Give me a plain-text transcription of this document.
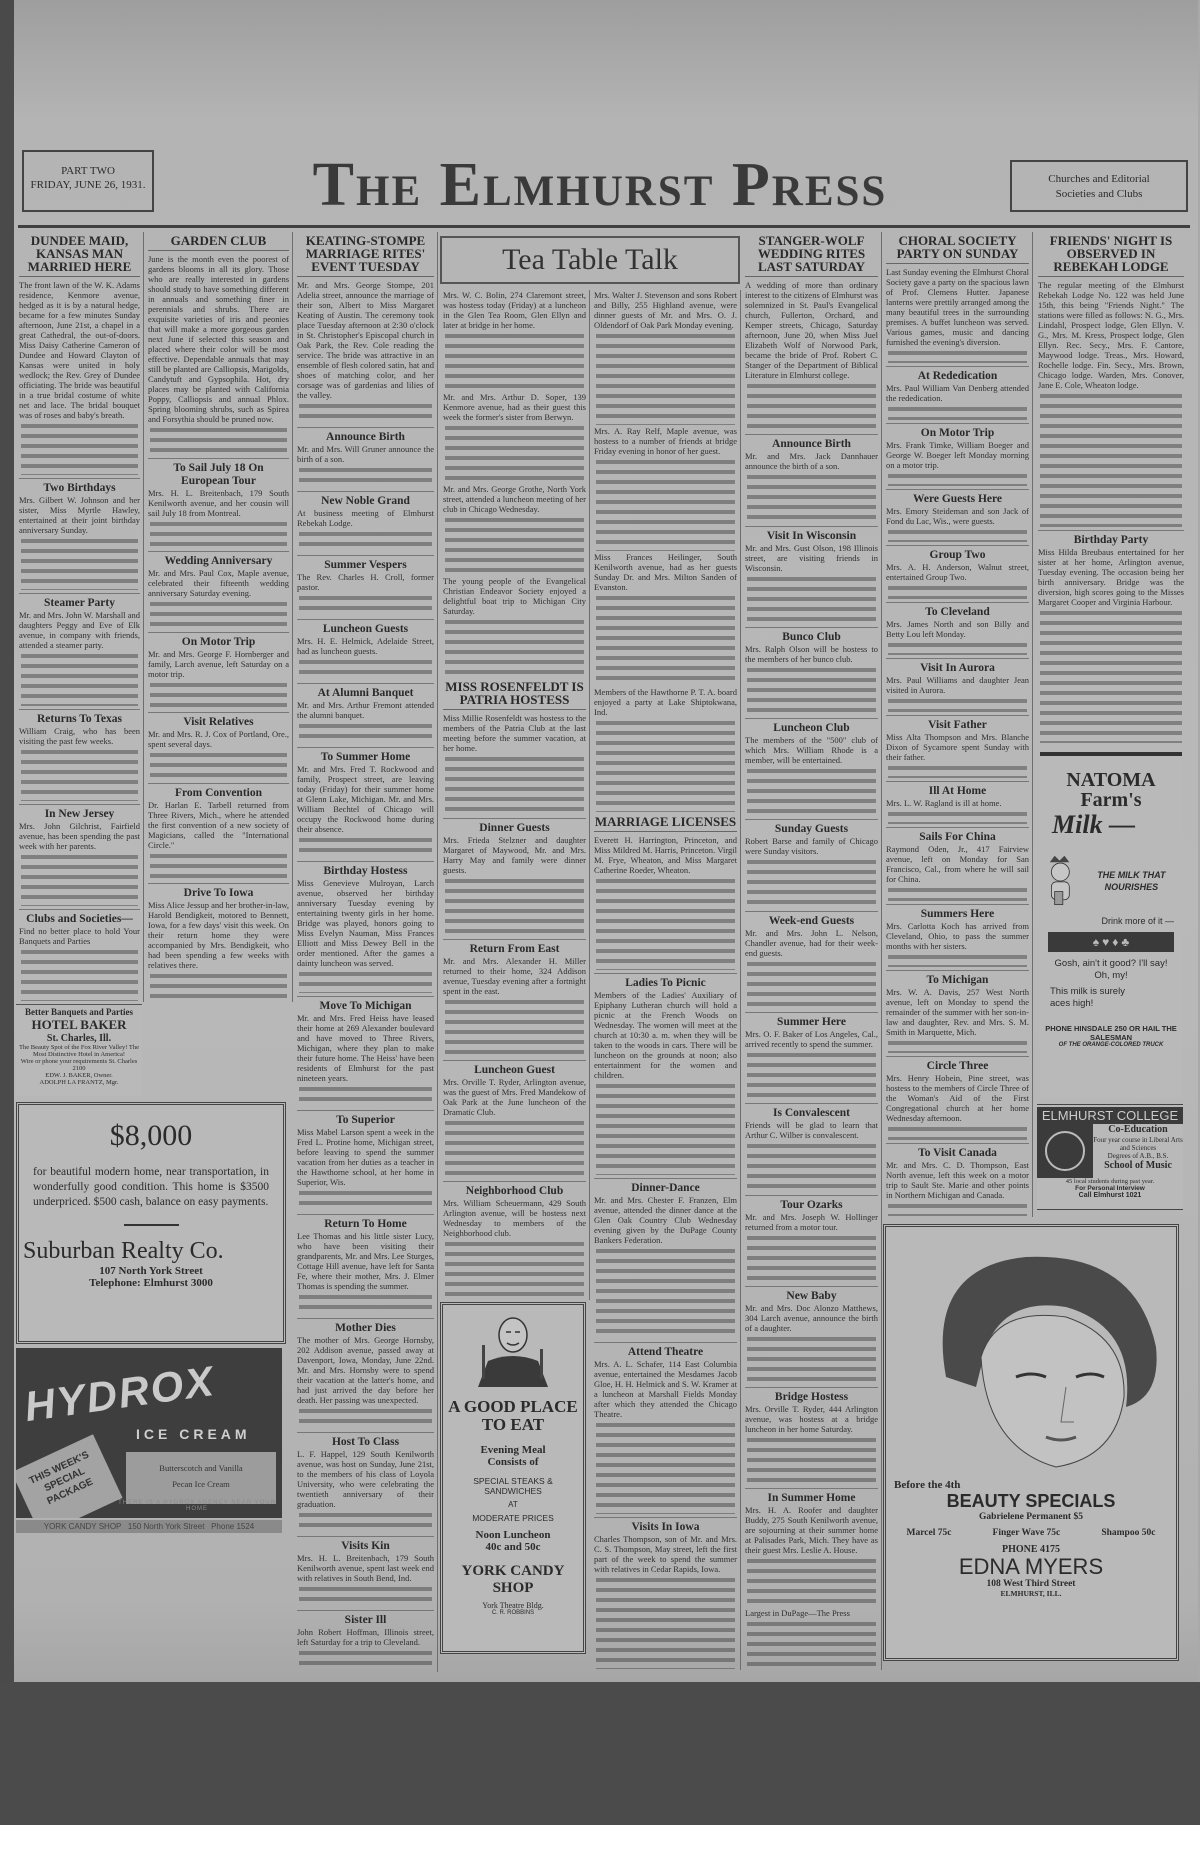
PART TWO
FRIDAY, JUNE 26, 1931.	The Elmhurst Press	Churches and Editorial
Societies and Clubs
Tea Table Talk
DUNDEE MAID, KANSAS MAN MARRIED HERE

The front lawn of the W. K. Adams residence, Kenmore avenue, hedged as it is by a natural hedge, became for a few minutes Sunday afternoon, June 21st, a chapel in a great Cathedral, the out-of-doors. Miss Daisy Catherine Cameron of Dundee and Howard Clayton of Kansas were united in holy wedlock; the Rev. Grey of Dundee officiating. The bride was beautiful in a true bridal costume of white net and lace. The bridal bouquet was of roses and baby's breath.

Two Birthdays

Mrs. Gilbert W. Johnson and her sister, Miss Myrtle Hawley, entertained at their joint birthday anniversary Sunday.

Steamer Party

Mr. and Mrs. John W. Marshall and daughters Peggy and Eve of Elk avenue, in company with friends, attended a steamer party.

Returns To Texas

William Craig, who has been visiting the past few weeks.

In New Jersey

Mrs. John Gilchrist, Fairfield avenue, has been spending the past week with her parents.

Clubs and Societies—

Find no better place to hold Your Banquets and Parties

GARDEN CLUB

June is the month even the poorest of gardens blooms in all its glory. Those who are really interested in gardens should study to have something different in annuals and something finer in perennials and shrubs. There are exquisite varieties of iris and peonies that will make a more gorgeous garden next June if selected this season and placed where their color will be most effective. Dependable annuals that may still be planted are Calliopsis, Marigolds, Candytuft and Gypsophila. Hot, dry places may be planted with California Poppy, Calliopsis and annual Phlox. Spring blooming shrubs, such as Spirea and Forsythia should be pruned now.

To Sail July 18 On European Tour

Mrs. H. L. Breitenbach, 179 South Kenilworth avenue, and her cousin will sail July 18 from Montreal.

Wedding Anniversary

Mr. and Mrs. Paul Cox, Maple avenue, celebrated their fifteenth wedding anniversary Saturday evening.

On Motor Trip

Mr. and Mrs. George F. Hornberger and family, Larch avenue, left Saturday on a motor trip.

Visit Relatives

Mr. and Mrs. R. J. Cox of Portland, Ore., spent several days.

From Convention

Dr. Harlan E. Tarbell returned from Three Rivers, Mich., where he attended the first convention of a new society of Magicians, called the "International Circle."

Drive To Iowa

Miss Alice Jessup and her brother-in-law, Harold Bendigkeit, motored to Bennett, Iowa, for a few days' visit this week. On their return home they were accompanied by Mrs. Bendigkeit, who had been spending a few weeks with relatives there.

KEATING-STOMPE MARRIAGE RITES' EVENT TUESDAY

Mr. and Mrs. George Stompe, 201 Adelia street, announce the marriage of their son, Albert to Miss Margaret Keating of Austin. The ceremony took place Tuesday afternoon at 2:30 o'clock in St. Christopher's Episcopal church in Oak Park, the Rev. Cole reading the service. The bride was attractive in an ensemble of flesh colored satin, hat and shoes of matching color, and her corsage was of gardenias and lilies of the valley.

Announce Birth

Mr. and Mrs. Will Gruner announce the birth of a son.

New Noble Grand

At business meeting of Elmhurst Rebekah Lodge.

Summer Vespers

The Rev. Charles H. Croll, former pastor.

Luncheon Guests

Mrs. H. E. Helmick, Adelaide Street, had as luncheon guests.

At Alumni Banquet

Mr. and Mrs. Arthur Fremont attended the alumni banquet.

To Summer Home

Mr. and Mrs. Fred T. Rockwood and family, Prospect street, are leaving today (Friday) for their summer home at Glenn Lake, Michigan. Mr. and Mrs. William Bechtel of Chicago will occupy the Rockwood home during their absence.

Birthday Hostess

Miss Genevieve Mulroyan, Larch avenue, observed her birthday anniversary Tuesday evening by entertaining twenty girls in her home. Bridge was played, honors going to Miss Evelyn Nauman, Miss Frances Elliott and Miss Dewey Bell in the order mentioned. After the games a dainty luncheon was served.

Move To Michigan

Mr. and Mrs. Fred Heiss have leased their home at 269 Alexander boulevard and have moved to Three Rivers, Michigan, where they plan to make their future home. The Heiss' have been residents of Elmhurst for the past nineteen years.

To Superior

Miss Mabel Larson spent a week in the Fred L. Protine home, Michigan street, before leaving to spend the summer vacation from her duties as a teacher in the Hawthorne school, at her home in Superior, Wis.

Return To Home

Lee Thomas and his little sister Lucy, who have been visiting their grandparents, Mr. and Mrs. Lee Sturges, Cottage Hill avenue, have left for Santa Fe, where their mother, Mrs. J. Elmer Thomas is spending the summer.

Mother Dies

The mother of Mrs. George Hornsby, 202 Addison avenue, passed away at Davenport, Iowa, Monday, June 22nd. Mr. and Mrs. Hornsby were to spend their vacation at the latter's home, and had just arrived the day before her death. Her passing was unexpected.

Host To Class

L. F. Happel, 129 South Kenilworth avenue, was host on Sunday, June 21st, to the members of his class of Loyola University, who were celebrating the twentieth anniversary of their graduation.

Visits Kin

Mrs. H. L. Breitenbach, 179 South Kenilworth avenue, spent last week end with relatives in South Bend, Ind.

Sister Ill

John Robert Hoffman, Illinois street, left Saturday for a trip to Cleveland.

Mrs. W. C. Bolin, 274 Claremont street, was hostess today (Friday) at a luncheon in the Glen Tea Room, Glen Ellyn and later at bridge in her home.

Mr. and Mrs. Arthur D. Soper, 139 Kenmore avenue, had as their guest this week the former's sister from Berwyn.

Mr. and Mrs. George Grothe, North York street, attended a luncheon meeting of her club in Chicago Wednesday.

The young people of the Evangelical Christian Endeavor Society enjoyed a delightful boat trip to Michigan City Saturday.

MISS ROSENFELDT IS PATRIA HOSTESS

Miss Millie Rosenfeldt was hostess to the members of the Patria Club at the last meeting before the summer vacation, at her home.

Dinner Guests

Mrs. Frieda Stelzner and daughter Margaret of Maywood, Mr. and Mrs. Harry May and family were dinner guests.

Return From East

Mr. and Mrs. Alexander H. Miller returned to their home, 324 Addison avenue, Tuesday evening after a fortnight spent in the east.

Luncheon Guest

Mrs. Orville T. Ryder, Arlington avenue, was the guest of Mrs. Fred Mandekow of Oak Park at the June luncheon of the Dramatic Club.

Neighborhood Club

Mrs. William Scheuermann, 429 South Arlington avenue, will be hostess next Wednesday to members of the Neighborhood club.

Mrs. Walter J. Stevenson and sons Robert and Billy, 255 Highland avenue, were dinner guests of Mr. and Mrs. O. J. Oldendorf of Oak Park Monday evening.

Mrs. A. Ray Relf, Maple avenue, was hostess to a number of friends at bridge Friday evening in honor of her guest.

Miss Frances Heilinger, South Kenilworth avenue, had as her guests Sunday Dr. and Mrs. Milton Sanden of Evanston.

Members of the Hawthorne P. T. A. board enjoyed a party at Lake Shiptokwana, Ind.

MARRIAGE LICENSES

Everett H. Harrington, Princeton, and Miss Mildred M. Harris, Princeton. Virgil M. Frye, Wheaton, and Miss Margaret Catherine Roeder, Wheaton.

Ladies To Picnic

Members of the Ladies' Auxiliary of Epiphany Lutheran church will hold a picnic at the French Woods on Wednesday. The women will meet at the church at 10:30 a. m. when they will be taken to the woods in cars. There will be luncheon on the grounds at noon; also entertainment for the women and children.

Dinner-Dance

Mr. and Mrs. Chester F. Franzen, Elm avenue, attended the dinner dance at the Glen Oak Country Club Wednesday evening given by the DuPage County Bankers Federation.

Attend Theatre

Mrs. A. L. Schafer, 114 East Columbia avenue, entertained the Mesdames Jacob Gloe, H. H. Helmick and S. W. Kramer at a luncheon at Marshall Fields Monday after which they attended the Chicago Theatre.

Visits In Iowa

Charles Thompson, son of Mr. and Mrs. C. S. Thompson, May street, left the first part of the week to spend the summer with relatives in Cedar Rapids, Iowa.

STANGER-WOLF WEDDING RITES LAST SATURDAY

A wedding of more than ordinary interest to the citizens of Elmhurst was solemnized in St. Paul's Evangelical church, Fullerton, Orchard, and Kemper streets, Chicago, Saturday afternoon, June 20, when Miss Juel Elizabeth Wolf of Norwood Park, became the bride of Prof. Robert C. Stanger of the Department of Biblical Literature in Elmhurst college.

Announce Birth

Mr. and Mrs. Jack Dannhauer announce the birth of a son.

Visit In Wisconsin

Mr. and Mrs. Gust Olson, 198 Illinois street, are visiting friends in Wisconsin.

Bunco Club

Mrs. Ralph Olson will be hostess to the members of her bunco club.

Luncheon Club

The members of the "500" club of which Mrs. William Rhode is a member, will be entertained.

Sunday Guests

Robert Barse and family of Chicago were Sunday visitors.

Week-end Guests

Mr. and Mrs. John L. Nelson, Chandler avenue, had for their week-end guests.

Summer Here

Mrs. O. F. Baker of Los Angeles, Cal., arrived recently to spend the summer.

Is Convalescent

Friends will be glad to learn that Arthur C. Wilber is convalescent.

Tour Ozarks

Mr. and Mrs. Joseph W. Hollinger returned from a motor tour.

New Baby

Mr. and Mrs. Doc Alonzo Matthews, 304 Larch avenue, announce the birth of a daughter.

Bridge Hostess

Mrs. Orville T. Ryder, 444 Arlington avenue, was hostess at a bridge luncheon in her home Saturday.

In Summer Home

Mrs. H. A. Roofer and daughter Buddy, 275 South Kenilworth avenue, are sojourning at their summer home at Palisades Park, Mich. They have as their guest Mrs. Leslie A. House.

Largest in DuPage—The Press

CHORAL SOCIETY PARTY ON SUNDAY

Last Sunday evening the Elmhurst Choral Society gave a party on the spacious lawn of Prof. Clemens Hutter. Japanese lanterns were prettily arranged among the many beautiful trees in the surrounding premises. A buffet luncheon was served. Various games, music and dancing furnished the evening's diversion.

At Rededication

Mrs. Paul William Van Denberg attended the rededication.

On Motor Trip

Mrs. Frank Timke, William Boeger and George W. Boeger left Monday morning on a motor trip.

Were Guests Here

Mrs. Emory Steideman and son Jack of Fond du Lac, Wis., were guests.

Group Two

Mrs. A. H. Anderson, Walnut street, entertained Group Two.

To Cleveland

Mrs. James North and son Billy and Betty Lou left Monday.

Visit In Aurora

Mrs. Paul Williams and daughter Jean visited in Aurora.

Visit Father

Miss Alta Thompson and Mrs. Blanche Dixon of Sycamore spent Sunday with their father.

Ill At Home

Mrs. L. W. Ragland is ill at home.

Sails For China

Raymond Oden, Jr., 417 Fairview avenue, left on Monday for San Francisco, Cal., from where he will sail for China.

Summers Here

Mrs. Carlotta Koch has arrived from Cleveland, Ohio, to pass the summer months with her sisters.

To Michigan

Mrs. W. A. Davis, 257 West North avenue, left on Monday to spend the remainder of the summer with her son-in-law and daughter, Rev. and Mrs. S. M. Smith in Marquette, Mich.

Circle Three

Mrs. Henry Hobein, Pine street, was hostess to the members of Circle Three of the Woman's Aid of the First Congregational church at her home Wednesday afternoon.

To Visit Canada

Mr. and Mrs. C. D. Thompson, East North avenue, left this week on a motor trip to Sault Ste. Marie and other points in Northern Michigan and Canada.

FRIENDS' NIGHT IS OBSERVED IN REBEKAH LODGE

The regular meeting of the Elmhurst Rebekah Lodge No. 122 was held June 15th, this being "Friends Night." The stations were filled as follows: N. G., Mrs. Lindahl, Prospect lodge, Glen Ellyn. V. G., Mrs. M. Kress, Prospect lodge, Glen Ellyn. Rec. Secy., Mrs. F. Cantore, Maywood lodge. Treas., Mrs. Howard, Rochelle lodge. Fin. Secy., Mrs. Brown, Chicago lodge. Warden, Mrs. Conover, Jane E. Cole, Wheaton lodge.

Birthday Party

Miss Hilda Breubaus entertained for her sister at her home, Arlington avenue, Tuesday evening. The occasion being her birth anniversary. Bridge was the diversion, high scores going to the Misses Margaret Cooper and Virginia Harbour.

Better Banquets and Parties
HOTEL BAKER
St. Charles, Ill.
The Beauty Spot of the Fox River Valley! The Most Distinctive Hotel in America!
Wire or phone your requirements St. Charles 2100
EDW. J. BAKER, Owner.
ADOLPH LA FRANTZ, Mgr.
$8,000
for beautiful modern home, near transportation, in wonderfully good condition. This home is $3500 underpriced. $500 cash, balance on easy payments.
Suburban Realty Co.
107 North York Street
Telephone: Elmhurst 3000
HYDROX
ICE CREAM
Butterscotch and Vanilla
Pecan Ice Cream
THIS WEEK'S SPECIAL PACKAGE	THERE IS A HYDROX AGENCY NEAR YOUR HOME
YORK CANDY SHOP 150 North York Street Phone 1524
A GOOD PLACE TO EAT
Evening Meal Consists of
SPECIAL STEAKS & SANDWICHES
AT
MODERATE PRICES
Noon Luncheon
40c and 50c
YORK CANDY SHOP
York Theatre Bldg.
C. R. ROBBINS
NATOMA Farm's
Milk —
THE MILK THAT NOURISHES
Drink more of it —
♠ ♥ ♦ ♣
Gosh, ain't it good? I'll say! Oh, my!
This milk is surely aces high!
PHONE HINSDALE 250 OR HAIL THE SALESMAN
OF THE ORANGE-COLORED TRUCK
ELMHURST COLLEGE
Co-Education
Four year course in Liberal Arts and Sciences
Degrees of A.B., B.S.
School of Music
45 local students during past year.
For Personal Interview
Call Elmhurst 1021
Before the 4th
BEAUTY SPECIALS
Gabrielene Permanent $5
Marcel 75c	Finger Wave 75c	Shampoo 50c
PHONE 4175
EDNA MYERS
108 West Third Street
ELMHURST, ILL.
